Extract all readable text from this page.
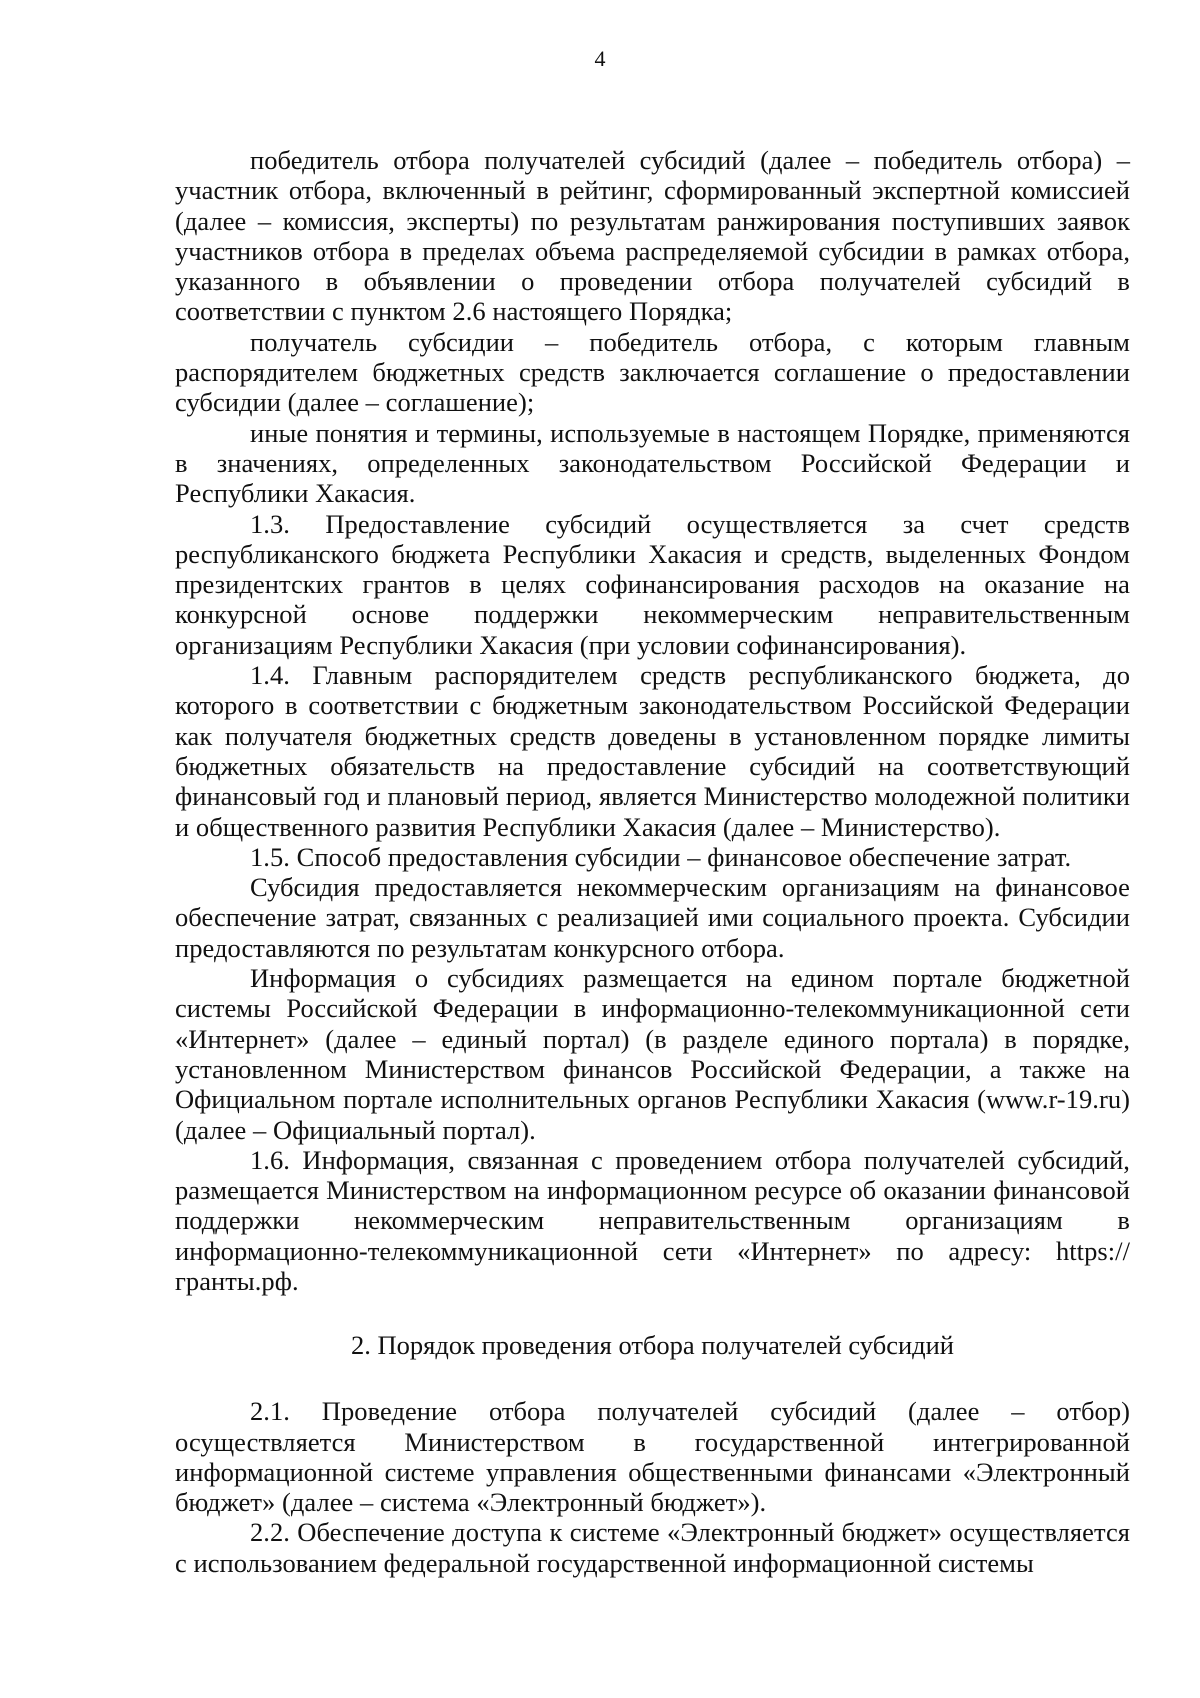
4

победитель отбора получателей субсидий (далее – победитель отбора) – участник отбора, включенный в рейтинг, сформированный экспертной комиссией (далее – комиссия, эксперты) по результатам ранжирования поступивших заявок участников отбора в пределах объема распределяемой субсидии в рамках отбора, указанного в объявлении о проведении отбора получателей субсидий в соответствии с пунктом 2.6 настоящего Порядка;

получатель субсидии – победитель отбора, с которым главным распорядителем бюджетных средств заключается соглашение о предоставлении субсидии (далее – соглашение);

иные понятия и термины, используемые в настоящем Порядке, применяются в значениях, определенных законодательством Российской Федерации и Республики Хакасия.

1.3. Предоставление субсидий осуществляется за счет средств республиканского бюджета Республики Хакасия и средств, выделенных Фондом президентских грантов в целях софинансирования расходов на оказание на конкурсной основе поддержки некоммерческим неправительственным организациям Республики Хакасия (при условии софинансирования).

1.4. Главным распорядителем средств республиканского бюджета, до которого в соответствии с бюджетным законодательством Российской Федерации как получателя бюджетных средств доведены в установленном порядке лимиты бюджетных обязательств на предоставление субсидий на соответствующий финансовый год и плановый период, является Министерство молодежной политики и общественного развития Республики Хакасия (далее – Министерство).

1.5. Способ предоставления субсидии – финансовое обеспечение затрат.

Субсидия предоставляется некоммерческим организациям на финансовое обеспечение затрат, связанных с реализацией ими социального проекта. Субсидии предоставляются по результатам конкурсного отбора.

Информация о субсидиях размещается на едином портале бюджетной системы Российской Федерации в информационно-телекоммуникационной сети «Интернет» (далее – единый портал) (в разделе единого портала) в порядке, установленном Министерством финансов Российской Федерации, а также на Официальном портале исполнительных органов Республики Хакасия (www.r-19.ru) (далее – Официальный портал).

1.6. Информация, связанная с проведением отбора получателей субсидий, размещается Министерством на информационном ресурсе об оказании финансовой поддержки некоммерческим неправительственным организациям в информационно-телекоммуникационной сети «Интернет» по адресу: https://гранты.рф.

2. Порядок проведения отбора получателей субсидий

2.1. Проведение отбора получателей субсидий (далее – отбор) осуществляется Министерством в государственной интегрированной информационной системе управления общественными финансами «Электронный бюджет» (далее – система «Электронный бюджет»).

2.2. Обеспечение доступа к системе «Электронный бюджет» осуществляется с использованием федеральной государственной информационной системы
